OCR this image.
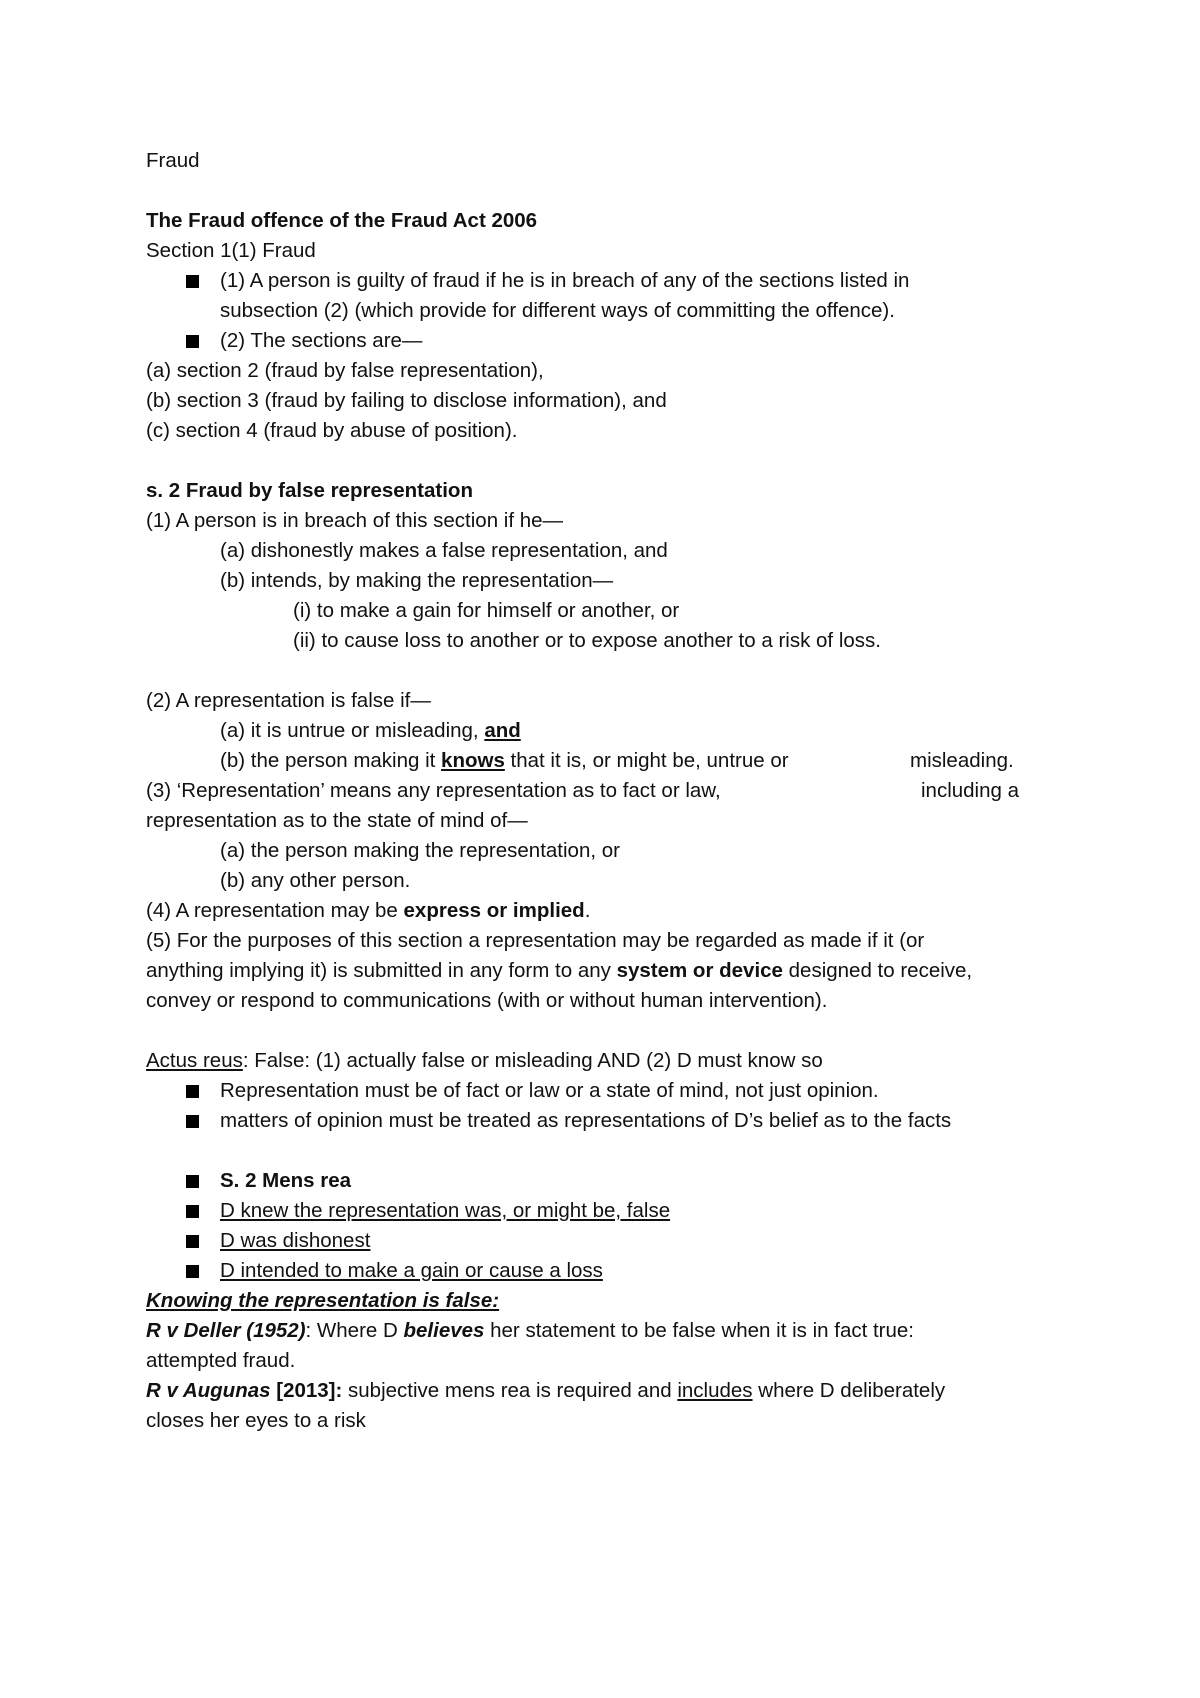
Fraud
The Fraud offence of the Fraud Act 2006
Section 1(1) Fraud
(1) A person is guilty of fraud if he is in breach of any of the sections listed in
subsection (2) (which provide for different ways of committing the offence).
(2) The sections are—
(a) section 2 (fraud by false representation),
(b) section 3 (fraud by failing to disclose information), and
(c) section 4 (fraud by abuse of position).
s. 2 Fraud by false representation
(1) A person is in breach of this section if he—
(a) dishonestly makes a false representation, and
(b) intends, by making the representation—
(i) to make a gain for himself or another, or
(ii) to cause loss to another or to expose another to a risk of loss.
(2) A representation is false if—
(a) it is untrue or misleading, and
(b) the person making it knows that it is, or might be, untrue or	misleading.
(3) ‘Representation’ means any representation as to fact or law,	including a
representation as to the state of mind of—
(a) the person making the representation, or
(b) any other person.
(4) A representation may be express or implied.
(5) For the purposes of this section a representation may be regarded as made if it (or
anything implying it) is submitted in any form to any system or device designed to receive,
convey or respond to communications (with or without human intervention).
Actus reus: False: (1) actually false or misleading AND (2) D must know so
Representation must be of fact or law or a state of mind, not just opinion.
matters of opinion must be treated as representations of D’s belief as to the facts
S. 2 Mens rea
D knew the representation was, or might be, false
D was dishonest
D intended to make a gain or cause a loss
Knowing the representation is false:
R v Deller (1952): Where D believes her statement to be false when it is in fact true:
attempted fraud.
R v Augunas [2013]: subjective mens rea is required and includes where D deliberately
closes her eyes to a risk
